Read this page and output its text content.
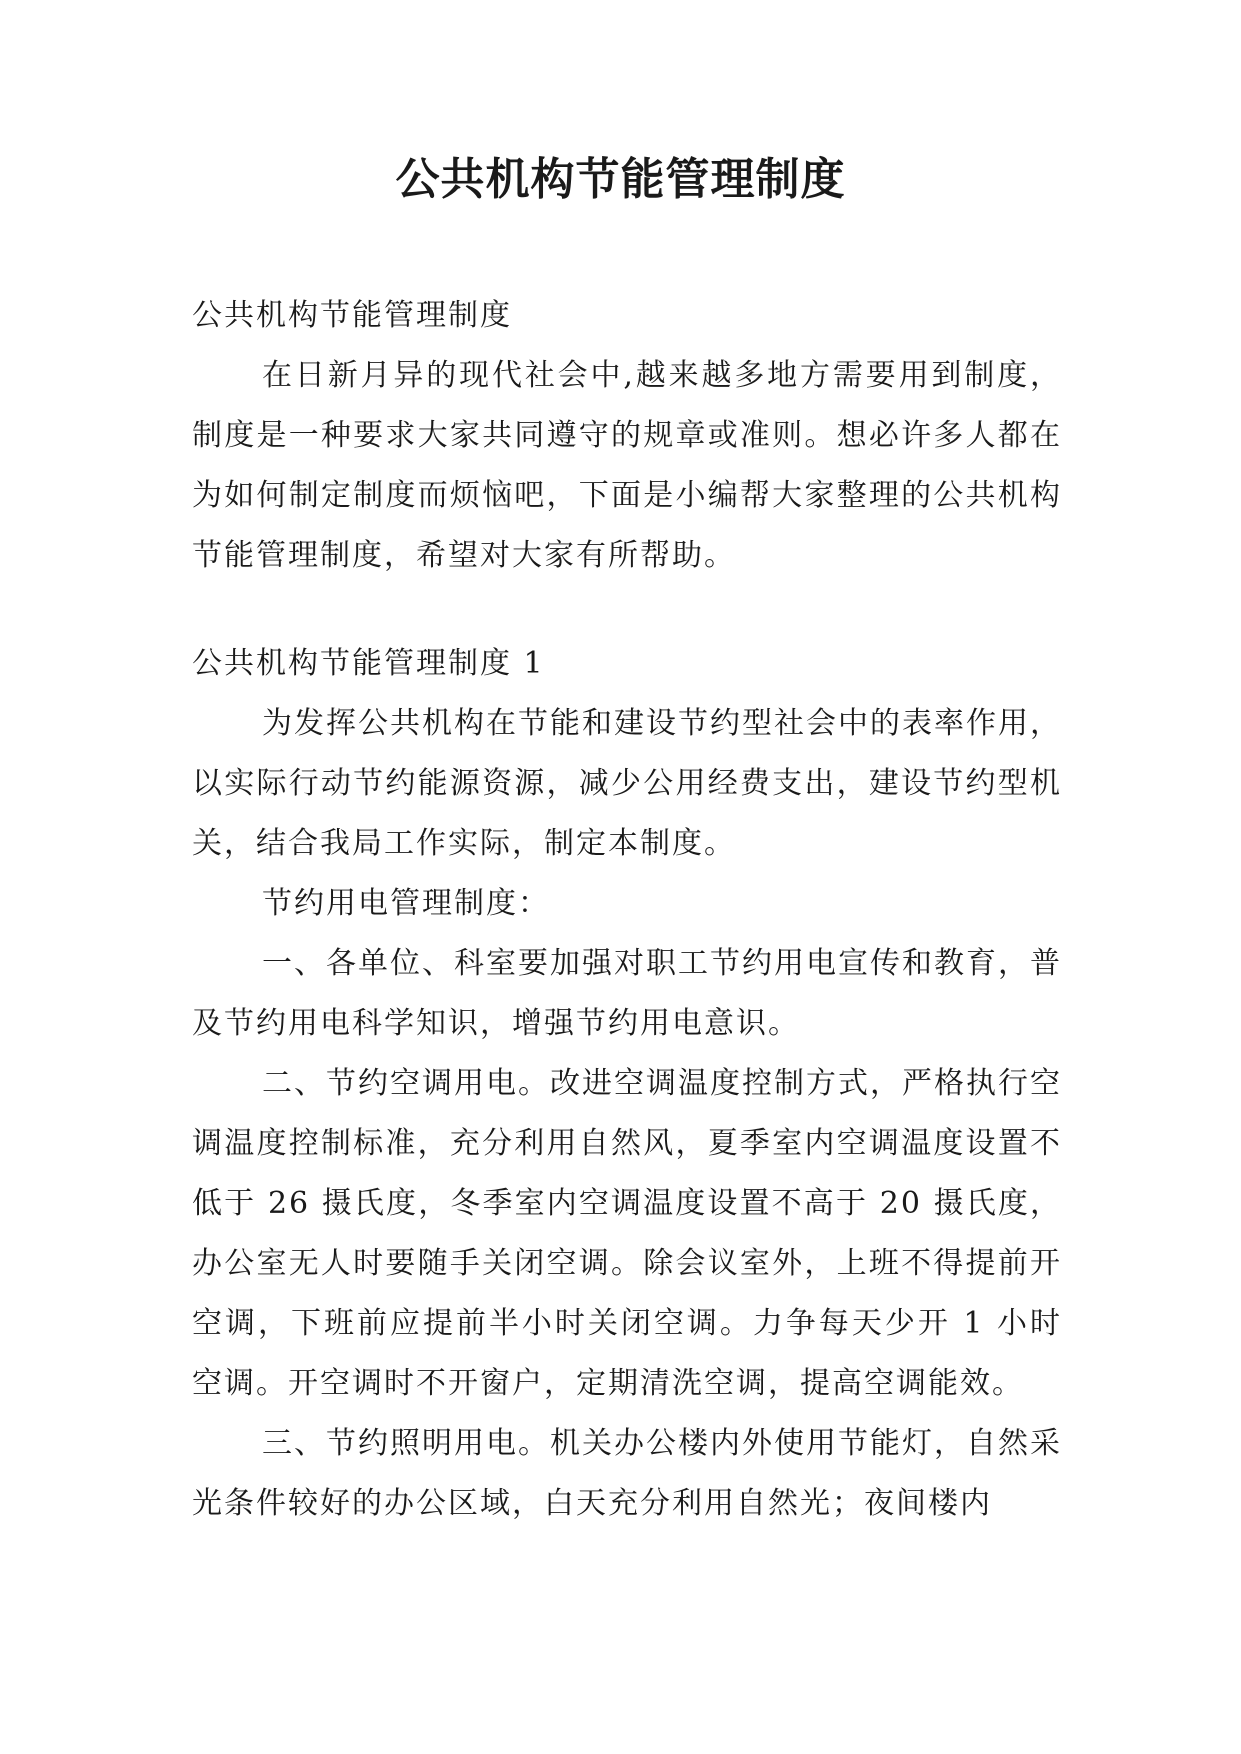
公共机构节能管理制度

公共机构节能管理制度

在日新月异的现代社会中,越来越多地方需要用到制度，制度是一种要求大家共同遵守的规章或准则。想必许多人都在为如何制定制度而烦恼吧，下面是小编帮大家整理的公共机构节能管理制度，希望对大家有所帮助。

公共机构节能管理制度 1

为发挥公共机构在节能和建设节约型社会中的表率作用，以实际行动节约能源资源，减少公用经费支出，建设节约型机关，结合我局工作实际，制定本制度。

节约用电管理制度：

一、各单位、科室要加强对职工节约用电宣传和教育，普及节约用电科学知识，增强节约用电意识。

二、节约空调用电。改进空调温度控制方式，严格执行空调温度控制标准，充分利用自然风，夏季室内空调温度设置不低于 26 摄氏度，冬季室内空调温度设置不高于 20 摄氏度，办公室无人时要随手关闭空调。除会议室外，上班不得提前开空调，下班前应提前半小时关闭空调。力争每天少开 1 小时空调。开空调时不开窗户，定期清洗空调，提高空调能效。

三、节约照明用电。机关办公楼内外使用节能灯，自然采光条件较好的办公区域，白天充分利用自然光；夜间楼内
